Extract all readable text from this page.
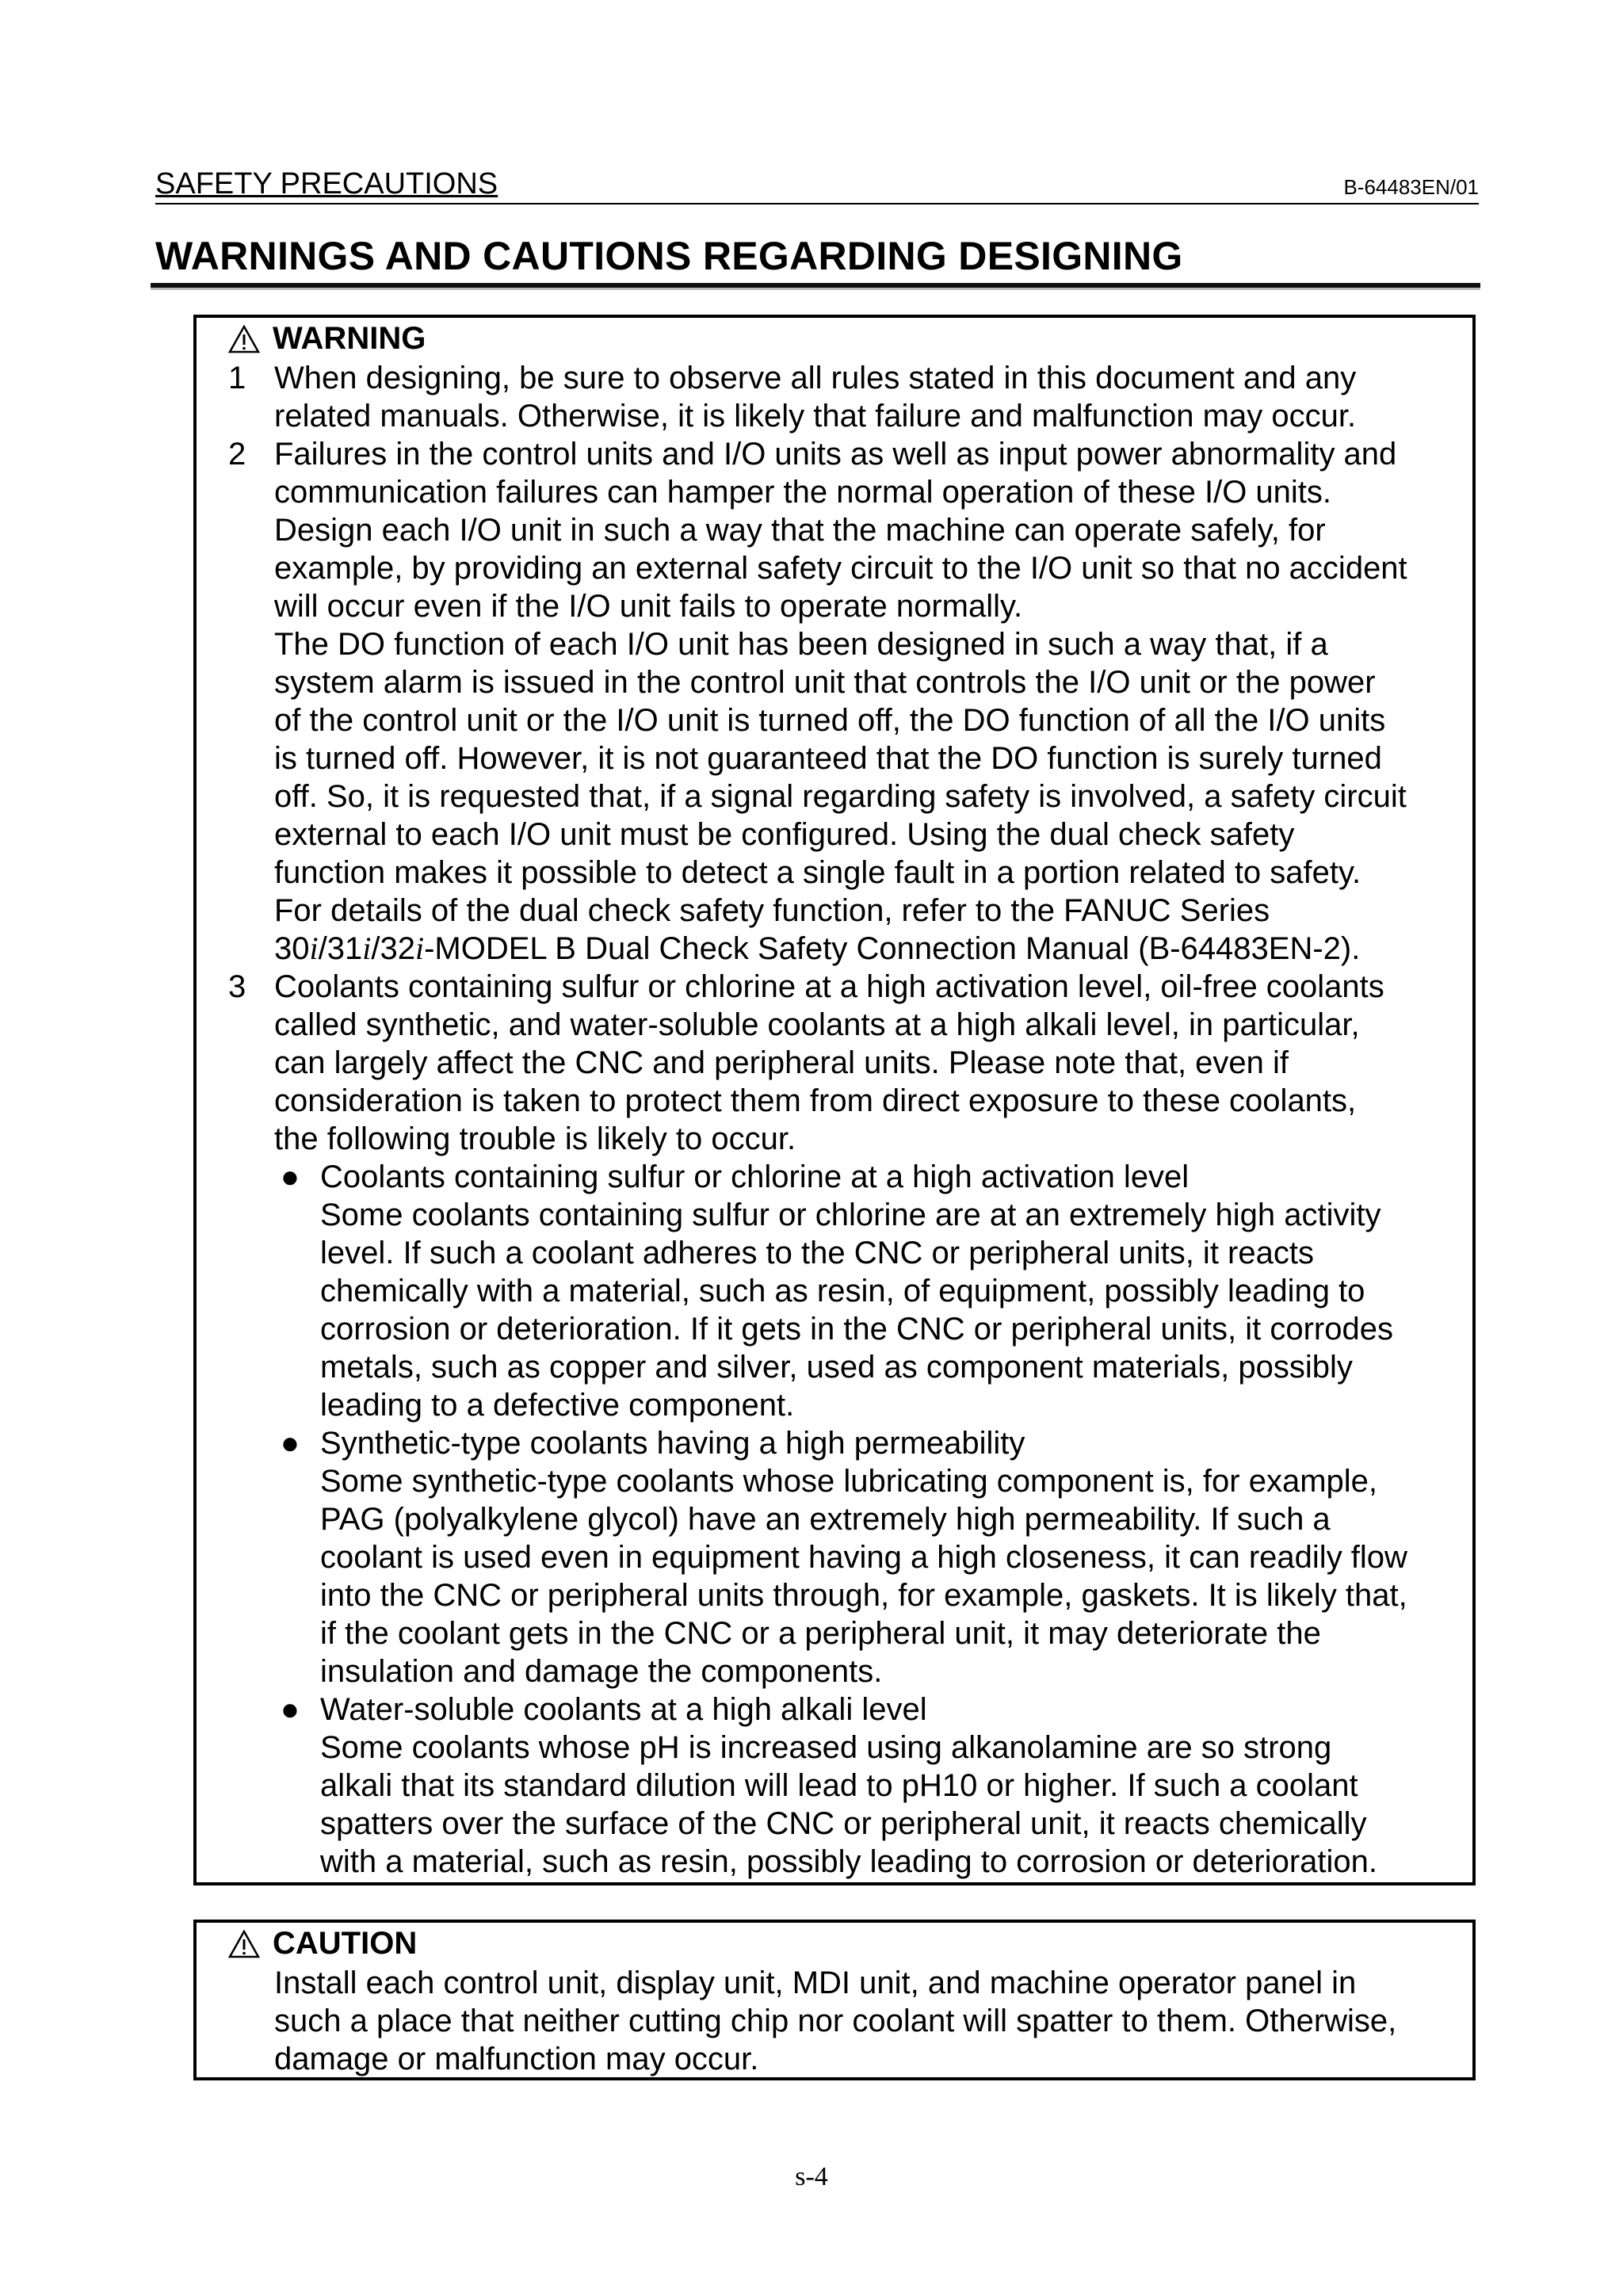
SAFETY PRECAUTIONS	B-64483EN/01
WARNINGS AND CAUTIONS REGARDING DESIGNING
WARNING
1 When designing, be sure to observe all rules stated in this document and any
related manuals. Otherwise, it is likely that failure and malfunction may occur.
2 Failures in the control units and I/O units as well as input power abnormality and
communication failures can hamper the normal operation of these I/O units.
Design each I/O unit in such a way that the machine can operate safely, for
example, by providing an external safety circuit to the I/O unit so that no accident
will occur even if the I/O unit fails to operate normally.
The DO function of each I/O unit has been designed in such a way that, if a
system alarm is issued in the control unit that controls the I/O unit or the power
of the control unit or the I/O unit is turned off, the DO function of all the I/O units
is turned off. However, it is not guaranteed that the DO function is surely turned
off. So, it is requested that, if a signal regarding safety is involved, a safety circuit
external to each I/O unit must be configured. Using the dual check safety
function makes it possible to detect a single fault in a portion related to safety.
For details of the dual check safety function, refer to the FANUC Series
30i/31i/32i-MODEL B Dual Check Safety Connection Manual (B-64483EN-2).
3 Coolants containing sulfur or chlorine at a high activation level, oil-free coolants
called synthetic, and water-soluble coolants at a high alkali level, in particular,
can largely affect the CNC and peripheral units. Please note that, even if
consideration is taken to protect them from direct exposure to these coolants,
the following trouble is likely to occur.
● Coolants containing sulfur or chlorine at a high activation level
Some coolants containing sulfur or chlorine are at an extremely high activity
level. If such a coolant adheres to the CNC or peripheral units, it reacts
chemically with a material, such as resin, of equipment, possibly leading to
corrosion or deterioration. If it gets in the CNC or peripheral units, it corrodes
metals, such as copper and silver, used as component materials, possibly
leading to a defective component.
● Synthetic-type coolants having a high permeability
Some synthetic-type coolants whose lubricating component is, for example,
PAG (polyalkylene glycol) have an extremely high permeability. If such a
coolant is used even in equipment having a high closeness, it can readily flow
into the CNC or peripheral units through, for example, gaskets. It is likely that,
if the coolant gets in the CNC or a peripheral unit, it may deteriorate the
insulation and damage the components.
● Water-soluble coolants at a high alkali level
Some coolants whose pH is increased using alkanolamine are so strong
alkali that its standard dilution will lead to pH10 or higher. If such a coolant
spatters over the surface of the CNC or peripheral unit, it reacts chemically
with a material, such as resin, possibly leading to corrosion or deterioration.
CAUTION
Install each control unit, display unit, MDI unit, and machine operator panel in
such a place that neither cutting chip nor coolant will spatter to them. Otherwise,
damage or malfunction may occur.
s-4
